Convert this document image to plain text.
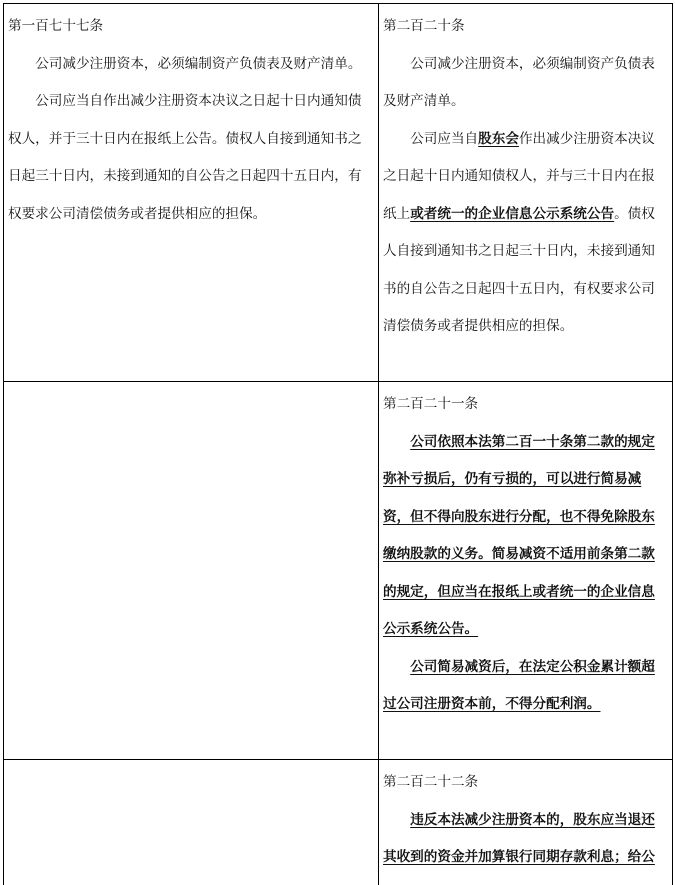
第一百七十七条
公司减少注册资本，必须编制资产负债表及财产清单。
公司应当自作出减少注册资本决议之日起十日内通知债权人，并于三十日内在报纸上公告。债权人自接到通知书之日起三十日内，未接到通知的自公告之日起四十五日内，有权要求公司清偿债务或者提供相应的担保。
第二百二十条
公司减少注册资本，必须编制资产负债表及财产清单。
公司应当自股东会作出减少注册资本决议之日起十日内通知债权人，并与三十日内在报纸上或者统一的企业信息公示系统公告。债权人自接到通知书之日起三十日内，未接到通知书的自公告之日起四十五日内，有权要求公司清偿债务或者提供相应的担保。
第二百二十一条
公司依照本法第二百一十条第二款的规定弥补亏损后，仍有亏损的，可以进行简易减资，但不得向股东进行分配，也不得免除股东缴纳股款的义务。简易减资不适用前条第二款的规定，但应当在报纸上或者统一的企业信息公示系统公告。
公司简易减资后，在法定公积金累计额超过公司注册资本前，不得分配利润。
第二百二十二条
违反本法减少注册资本的，股东应当退还其收到的资金并加算银行同期存款利息；给公
